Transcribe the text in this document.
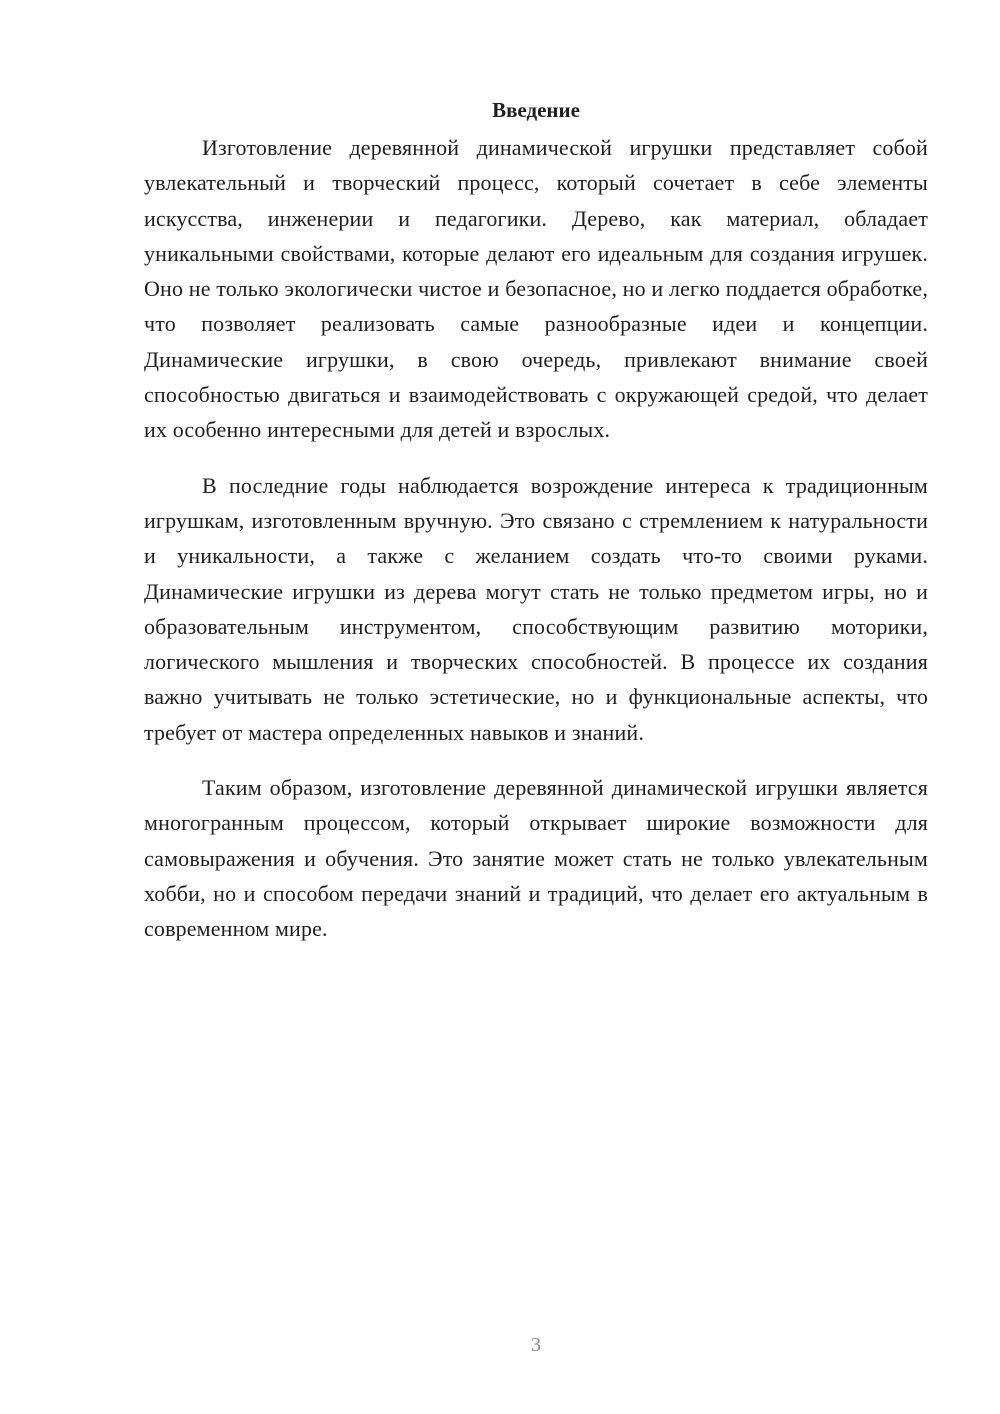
Введение

Изготовление деревянной динамической игрушки представляет собой увлекательный и творческий процесс, который сочетает в себе элементы искусства, инженерии и педагогики. Дерево, как материал, обладает уникальными свойствами, которые делают его идеальным для создания игрушек. Оно не только экологически чистое и безопасное, но и легко поддается обработке, что позволяет реализовать самые разнообразные идеи и концепции. Динамические игрушки, в свою очередь, привлекают внимание своей способностью двигаться и взаимодействовать с окружающей средой, что делает их особенно интересными для детей и взрослых.

В последние годы наблюдается возрождение интереса к традиционным игрушкам, изготовленным вручную. Это связано с стремлением к натуральности и уникальности, а также с желанием создать что-то своими руками. Динамические игрушки из дерева могут стать не только предметом игры, но и образовательным инструментом, способствующим развитию моторики, логического мышления и творческих способностей. В процессе их создания важно учитывать не только эстетические, но и функциональные аспекты, что требует от мастера определенных навыков и знаний.

Таким образом, изготовление деревянной динамической игрушки является многогранным процессом, который открывает широкие возможности для самовыражения и обучения. Это занятие может стать не только увлекательным хобби, но и способом передачи знаний и традиций, что делает его актуальным в современном мире.

3
